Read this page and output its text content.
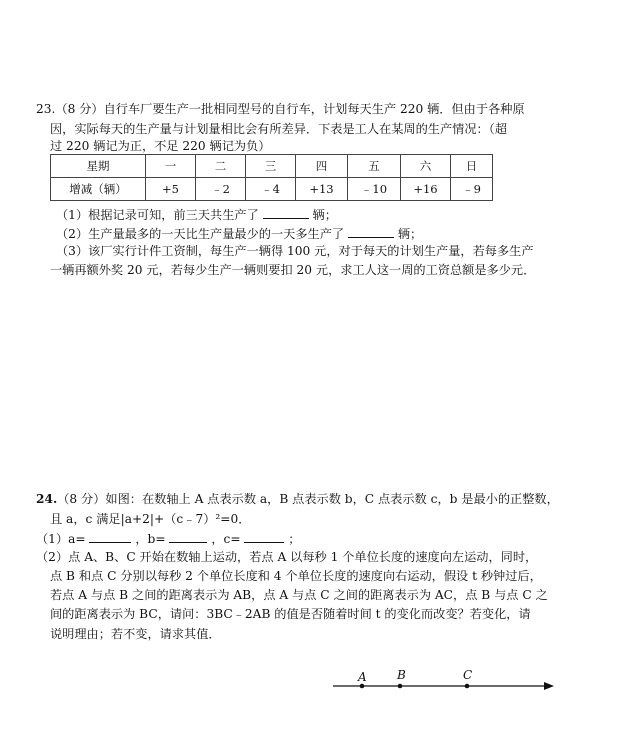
23.（8 分）自行车厂要生产一批相同型号的自行车，计划每天生产 220 辆．但由于各种原
因，实际每天的生产量与计划量相比会有所差异．下表是工人在某周的生产情况：（超
过 220 辆记为正，不足 220 辆记为负）
星期	一	二	三	四	五	六	日
增减（辆）	+5	﹣2	﹣4	+13	﹣10	+16	﹣9
（1）根据记录可知，前三天共生产了	辆；
（2）生产量最多的一天比生产量最少的一天多生产了	辆；
（3）该厂实行计件工资制，每生产一辆得 100 元，对于每天的计划生产量，若每多生产
一辆再额外奖 20 元，若每少生产一辆则要扣 20 元，求工人这一周的工资总额是多少元．
24.（8 分）如图：在数轴上 A 点表示数 a，B 点表示数 b，C 点表示数 c，b 是最小的正整数，
且 a，c 满足|a+2|+（c﹣7）²=0．
（1）a=	，b=	，c=	；
（2）点 A、B、C 开始在数轴上运动，若点 A 以每秒 1 个单位长度的速度向左运动，同时，
点 B 和点 C 分别以每秒 2 个单位长度和 4 个单位长度的速度向右运动，假设 t 秒钟过后，
若点 A 与点 B 之间的距离表示为 AB，点 A 与点 C 之间的距离表示为 AC，点 B 与点 C 之
间的距离表示为 BC，请问：3BC﹣2AB 的值是否随着时间 t 的变化而改变？若变化，请
说明理由；若不变，请求其值．
A	B	C
